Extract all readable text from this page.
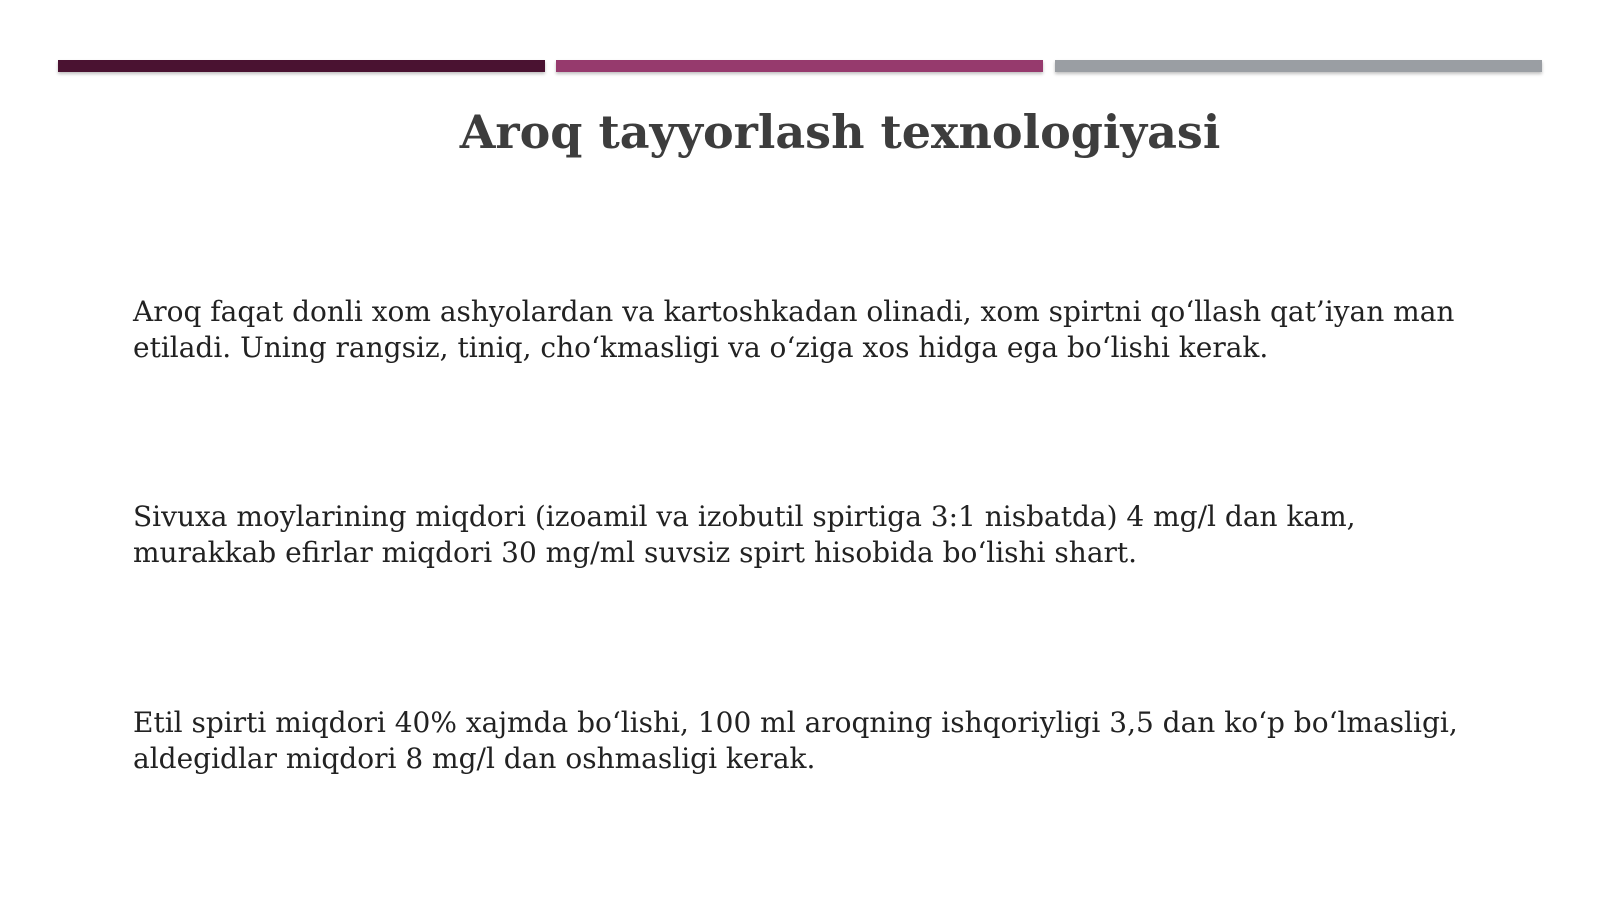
Aroq tayyorlash texnologiyasi

Aroq faqat donli xom ashyolardan va kartoshkadan olinadi, xom spirtni qo‘llash qat’iyan man etiladi. Uning rangsiz, tiniq, cho‘kmasligi va o‘ziga xos hidga ega bo‘lishi kerak.

Sivuxa moylarining miqdori (izoamil va izobutil spirtiga 3:1 nisbatda) 4 mg/l dan kam, murakkab efirlar miqdori 30 mg/ml suvsiz spirt hisobida bo‘lishi shart.

Etil spirti miqdori 40% xajmda bo‘lishi, 100 ml aroqning ishqoriyligi 3,5 dan ko‘p bo‘lmasligi, aldegidlar miqdori 8 mg/l dan oshmasligi kerak.
